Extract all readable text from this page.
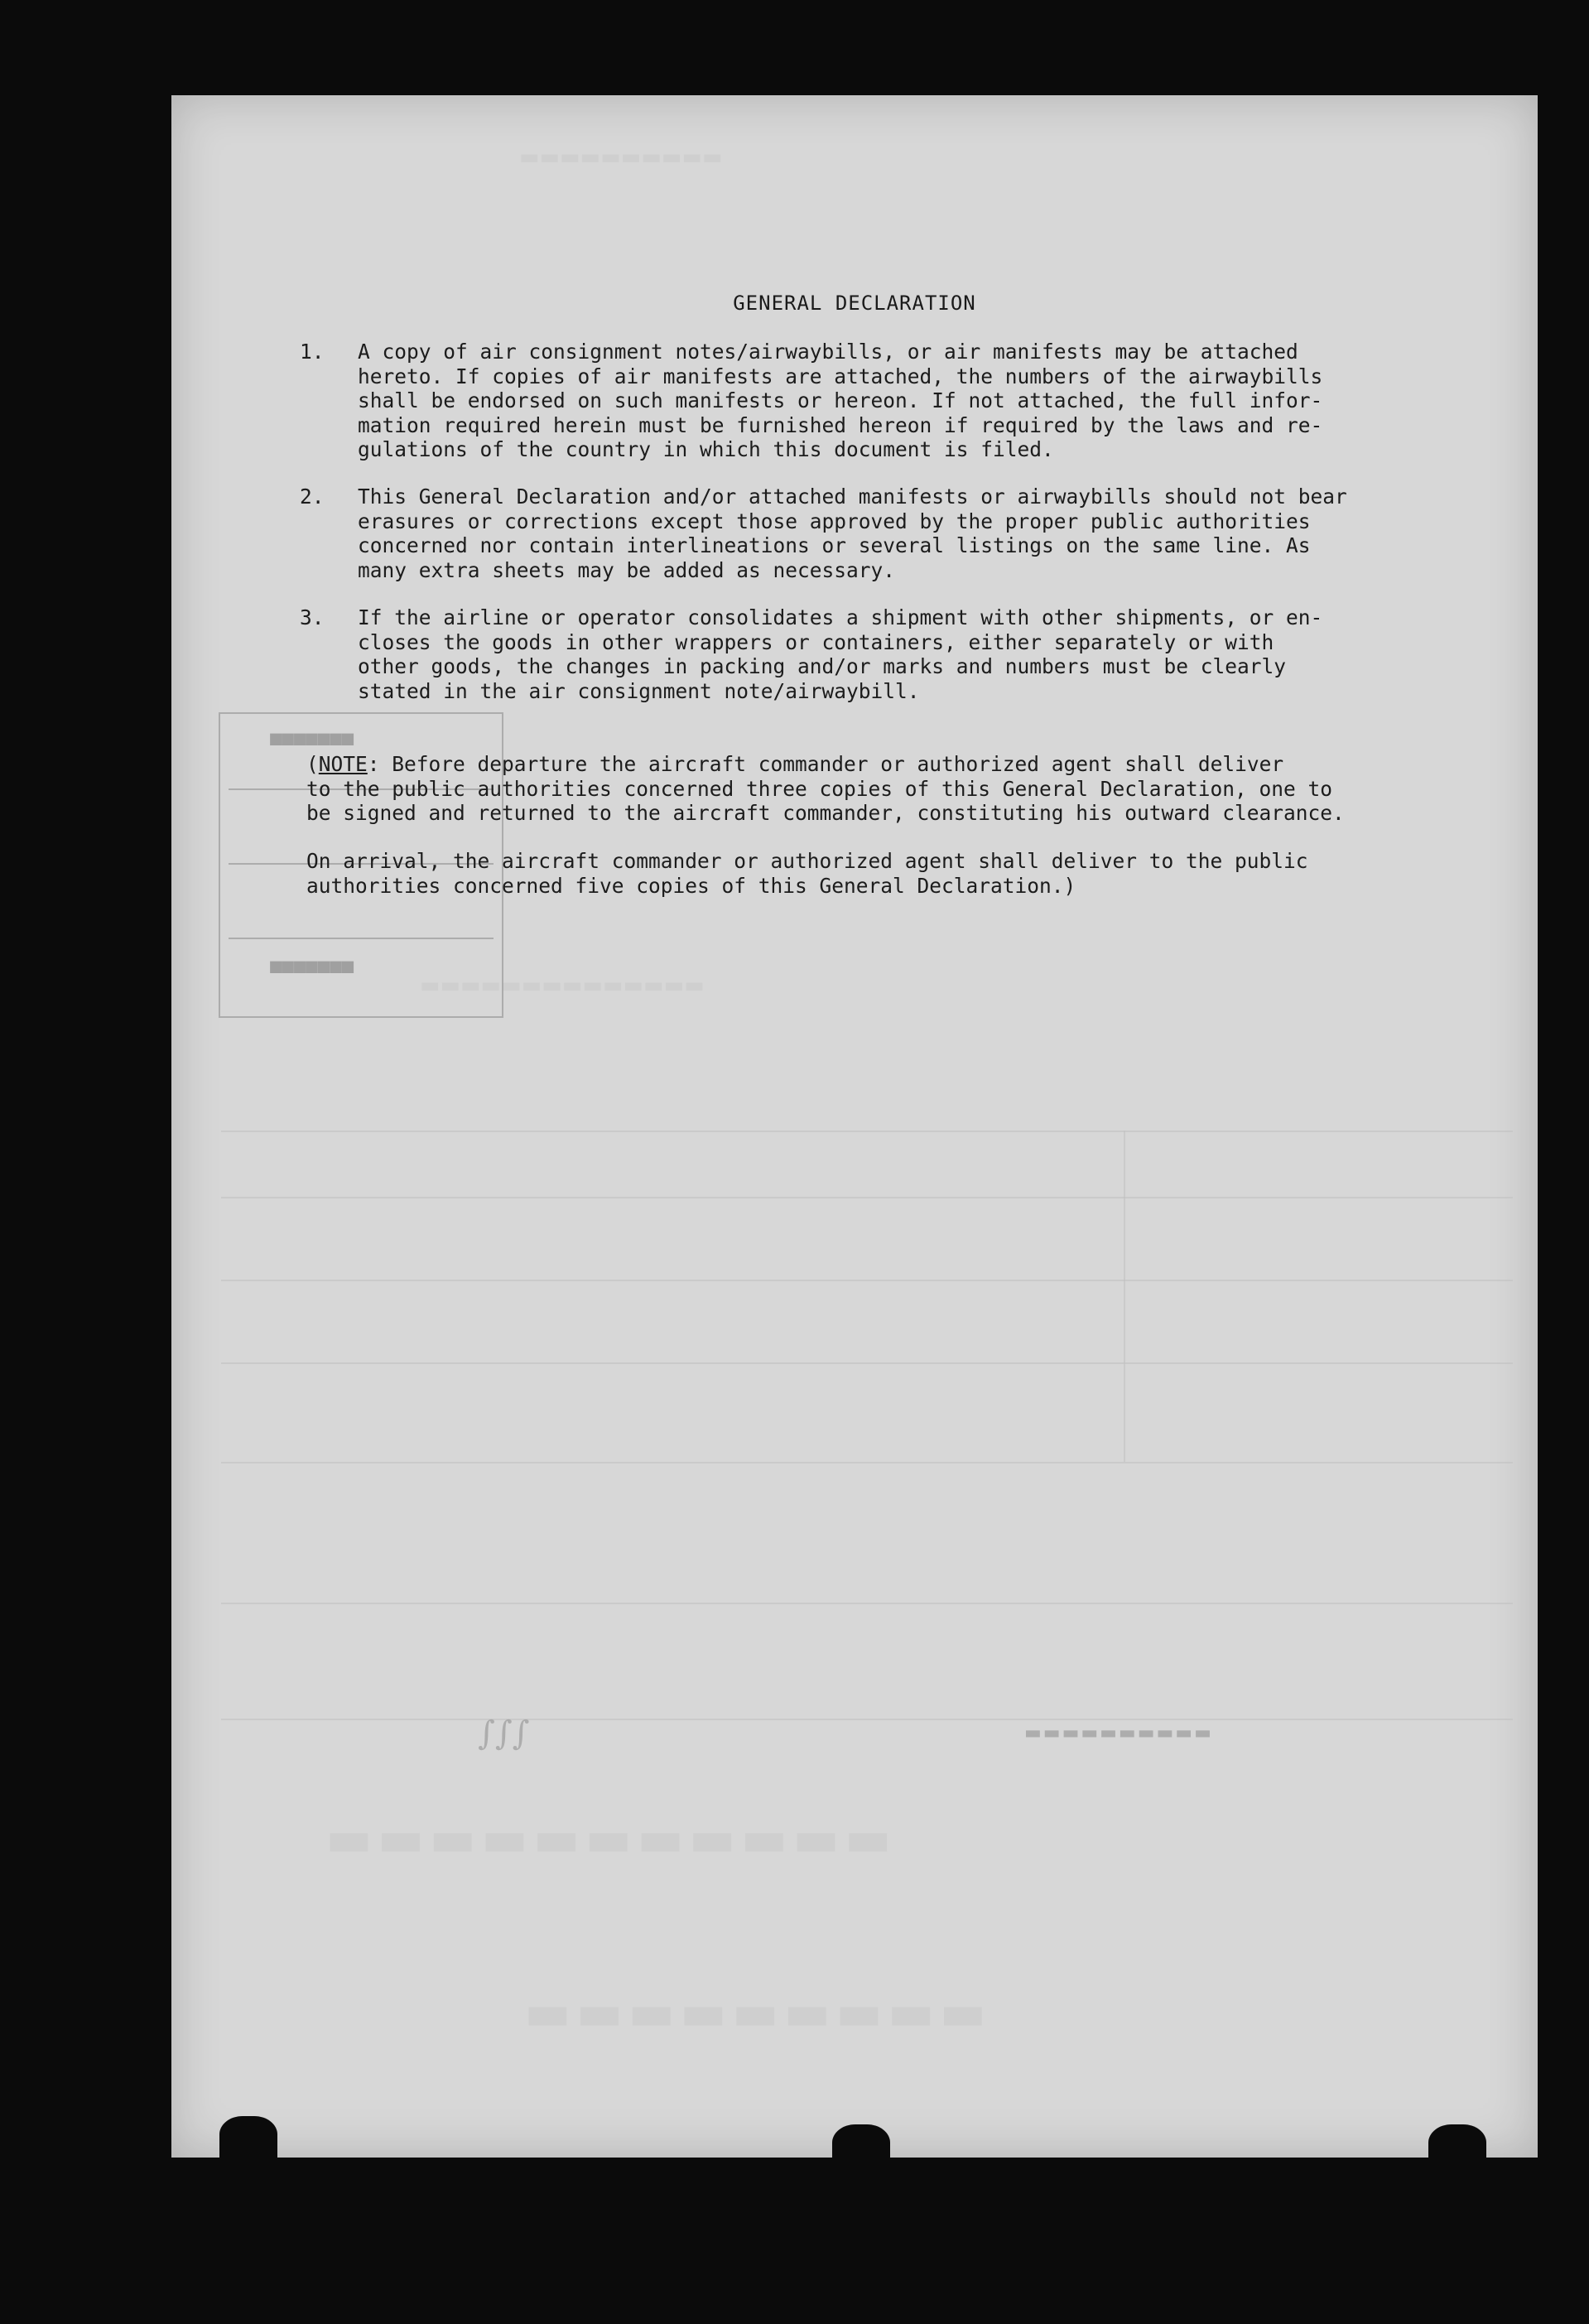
▬▬▬▬▬▬▬▬▬▬
▬▬▬▬▬▬▬▬▬▬▬▬▬▬
▬▬▬▬▬▬▬▬▬▬▬
▬▬▬▬▬▬▬▬▬
■■■■■■■
■■■■■■■
∫∫∫	▬▬▬▬▬▬▬▬▬▬
GENERAL DECLARATION
1. A copy of air consignment notes/airwaybills, or air manifests may be attached
hereto. If copies of air manifests are attached, the numbers of the airwaybills
shall be endorsed on such manifests or hereon. If not attached, the full infor-
mation required herein must be furnished hereon if required by the laws and re-
gulations of the country in which this document is filed.
2. This General Declaration and/or attached manifests or airwaybills should not bear
erasures or corrections except those approved by the proper public authorities
concerned nor contain interlineations or several listings on the same line. As
many extra sheets may be added as necessary.
3. If the airline or operator consolidates a shipment with other shipments, or en-
closes the goods in other wrappers or containers, either separately or with
other goods, the changes in packing and/or marks and numbers must be clearly
stated in the air consignment note/airwaybill.
(NOTE: Before departure the aircraft commander or authorized agent shall deliver
to the public authorities concerned three copies of this General Declaration, one to
be signed and returned to the aircraft commander, constituting his outward clearance.
On arrival, the aircraft commander or authorized agent shall deliver to the public
authorities concerned five copies of this General Declaration.)
